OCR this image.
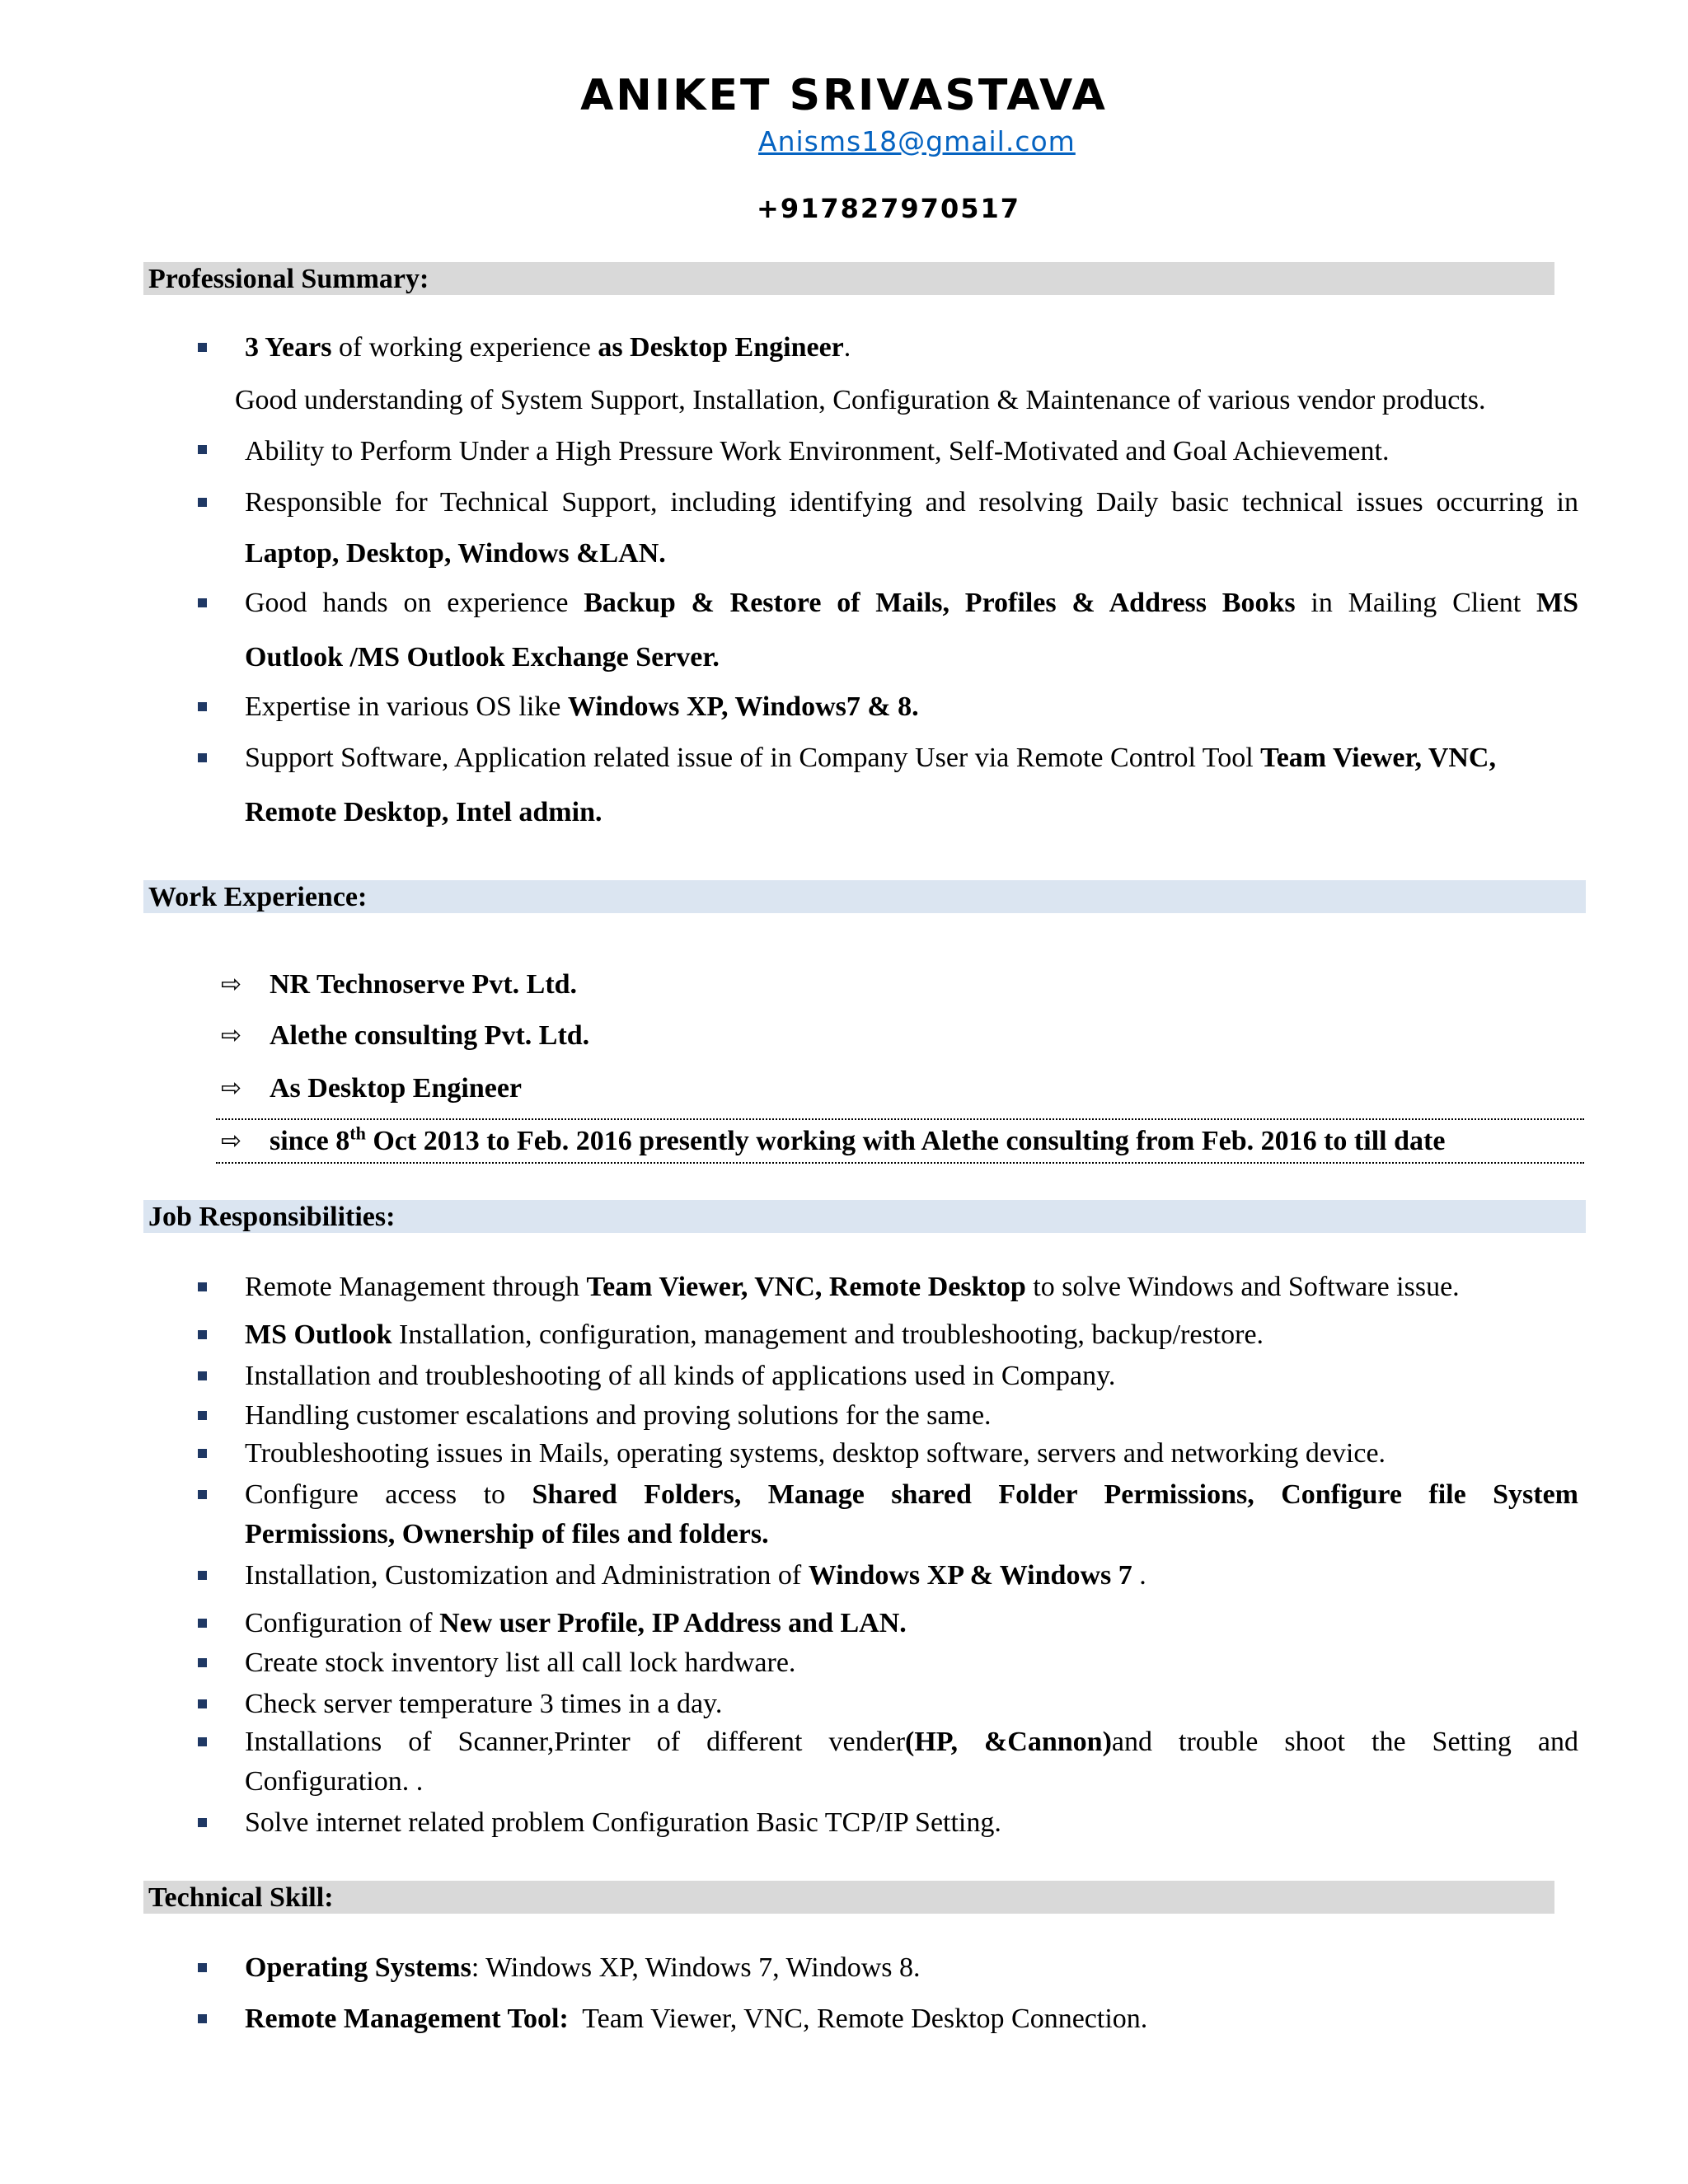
ANIKET SRIVASTAVA
Anisms18@gmail.com
+917827970517
Professional Summary:
3 Years of working experience as Desktop Engineer.
Good understanding of System Support, Installation, Configuration & Maintenance of various vendor products.
Ability to Perform Under a High Pressure Work Environment, Self-Motivated and Goal Achievement.
Responsible for Technical Support, including identifying and resolving Daily basic technical issues occurring in
Laptop, Desktop, Windows &LAN.
Good hands on experience Backup & Restore of Mails, Profiles & Address Books in Mailing Client MS
Outlook /MS Outlook Exchange Server.
Expertise in various OS like Windows XP, Windows7 & 8.
Support Software, Application related issue of in Company User via Remote Control Tool Team Viewer, VNC,
Remote Desktop, Intel admin.
Work Experience:
⇨ NR Technoserve Pvt. Ltd.
⇨ Alethe consulting Pvt. Ltd.
⇨ As Desktop Engineer
⇨ since 8th Oct 2013 to Feb. 2016 presently working with Alethe consulting from Feb. 2016 to till date
Job Responsibilities:
Remote Management through Team Viewer, VNC, Remote Desktop to solve Windows and Software issue.
MS Outlook Installation, configuration, management and troubleshooting, backup/restore.
Installation and troubleshooting of all kinds of applications used in Company.
Handling customer escalations and proving solutions for the same.
Troubleshooting issues in Mails, operating systems, desktop software, servers and networking device.
Configure access to Shared Folders, Manage shared Folder Permissions, Configure file System
Permissions, Ownership of files and folders.
Installation, Customization and Administration of Windows XP & Windows 7 .
Configuration of New user Profile, IP Address and LAN.
Create stock inventory list all call lock hardware.
Check server temperature 3 times in a day.
Installations of Scanner,Printer of different vender(HP, &Cannon)and trouble shoot the Setting and
Configuration. .
Solve internet related problem Configuration Basic TCP/IP Setting.
Technical Skill:
Operating Systems: Windows XP, Windows 7, Windows 8.
Remote Management Tool:  Team Viewer, VNC, Remote Desktop Connection.
